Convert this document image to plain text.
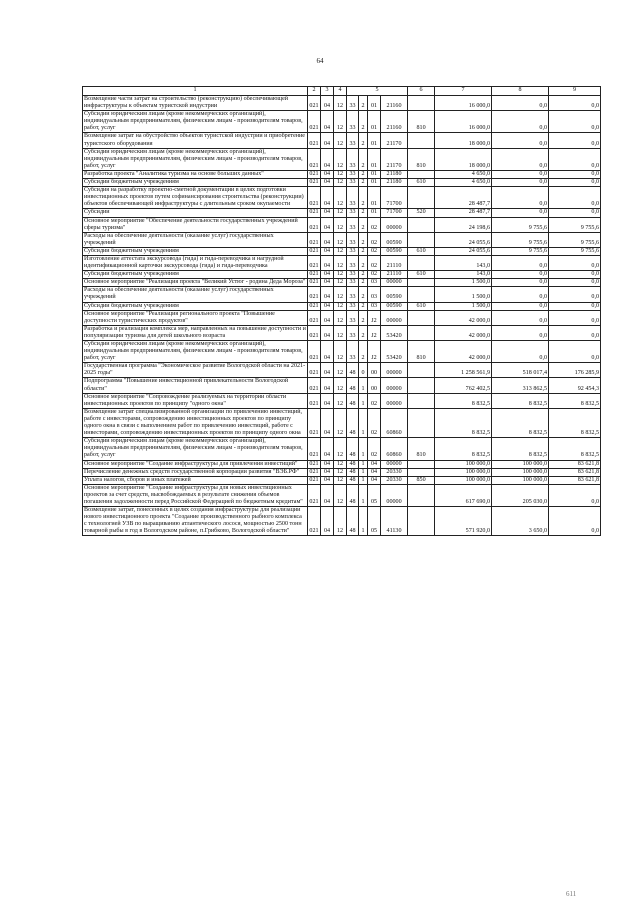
64
1	2	3	4	5				6	7	8	9
Возмещение части затрат на строительство (реконструкцию) обеспечивающей инфраструктуры к объектам туристской индустрии	021	04	12	33	2	01	21160		16 000,0	0,0	0,0
Субсидии юридическим лицам (кроме некоммерческих организаций), индивидуальным предпринимателям, физическим лицам - производителям товаров, работ, услуг	021	04	12	33	2	01	21160	810	16 000,0	0,0	0,0
Возмещение затрат на обустройство объектов туристской индустрии и приобретение туристского оборудования	021	04	12	33	2	01	21170		18 000,0	0,0	0,0
Субсидии юридическим лицам (кроме некоммерческих организаций), индивидуальным предпринимателям, физическим лицам - производителям товаров, работ, услуг	021	04	12	33	2	01	21170	810	18 000,0	0,0	0,0
Разработка проекта "Аналитика туризма на основе больших данных"	021	04	12	33	2	01	21180		4 650,0	0,0	0,0
Субсидии бюджетным учреждениям	021	04	12	33	2	01	21180	610	4 650,0	0,0	0,0
Субсидия на разработку проектно-сметной документации в целях подготовки инвестиционных проектов путем софинансирования строительства (реконструкции) объектов обеспечивающей инфраструктуры с длительным сроком окупаемости	021	04	12	33	2	01	71700		28 487,7	0,0	0,0
Субсидии	021	04	12	33	2	01	71700	520	28 487,7	0,0	0,0
Основное мероприятие "Обеспечение деятельности государственных учреждений сферы туризма"	021	04	12	33	2	02	00000		24 198,6	9 755,6	9 755,6
Расходы на обеспечение деятельности (оказание услуг) государственных учреждений	021	04	12	33	2	02	00590		24 055,6	9 755,6	9 755,6
Субсидии бюджетным учреждениям	021	04	12	33	2	02	00590	610	24 055,6	9 755,6	9 755,6
Изготовление аттестата экскурсовода (гида) и гида-переводчика и нагрудной идентификационной карточки экскурсовода (гида) и гида-переводчика	021	04	12	33	2	02	21110		143,0	0,0	0,0
Субсидии бюджетным учреждениям	021	04	12	33	2	02	21110	610	143,0	0,0	0,0
Основное мероприятие "Реализация проекта "Великий Устюг - родина Деда Мороза"	021	04	12	33	2	03	00000		1 500,0	0,0	0,0
Расходы на обеспечение деятельности (оказание услуг) государственных учреждений	021	04	12	33	2	03	00590		1 500,0	0,0	0,0
Субсидии бюджетным учреждениям	021	04	12	33	2	03	00590	610	1 500,0	0,0	0,0
Основное мероприятие "Реализация регионального проекта "Повышение доступности туристических продуктов"	021	04	12	33	2	J2	00000		42 000,0	0,0	0,0
Разработка и реализация комплекса мер, направленных на повышение доступности и популяризации туризма для детей школьного возраста	021	04	12	33	2	J2	53420		42 000,0	0,0	0,0
Субсидии юридическим лицам (кроме некоммерческих организаций), индивидуальным предпринимателям, физическим лицам - производителям товаров, работ, услуг	021	04	12	33	2	J2	53420	810	42 000,0	0,0	0,0
Государственная программа "Экономическое развитие Вологодской области на 2021-2025 годы"	021	04	12	48	0	00	00000		1 258 561,9	518 017,4	176 285,9
Подпрограмма "Повышение инвестиционной привлекательности Вологодской области"	021	04	12	48	1	00	00000		762 402,5	313 862,5	92 454,3
Основное мероприятие "Сопровождение реализуемых на территории области инвестиционных проектов по принципу "одного окна"	021	04	12	48	1	02	00000		8 832,5	8 832,5	8 832,5
Возмещение затрат специализированной организации по привлечению инвестиций, работе с инвесторами, сопровождению инвестиционных проектов по принципу одного окна в связи с выполнением работ по привлечению инвестиций, работе с инвесторами, сопровождению инвестиционных проектов по принципу одного окна	021	04	12	48	1	02	60860		8 832,5	8 832,5	8 832,5
Субсидии юридическим лицам (кроме некоммерческих организаций), индивидуальным предпринимателям, физическим лицам - производителям товаров, работ, услуг	021	04	12	48	1	02	60860	810	8 832,5	8 832,5	8 832,5
Основное мероприятие "Создание инфраструктуры для привлечения инвестиций"	021	04	12	48	1	04	00000		100 000,0	100 000,0	83 621,8
Перечисление денежных средств государственной корпорации развития "ВЭБ.РФ"	021	04	12	48	1	04	20330		100 000,0	100 000,0	83 621,8
Уплата налогов, сборов и иных платежей	021	04	12	48	1	04	20330	850	100 000,0	100 000,0	83 621,8
Основное мероприятие "Создание инфраструктуры для новых инвестиционных проектов за счет средств, высвобождаемых в результате снижения объемов погашения задолженности перед Российской Федерацией по бюджетным кредитам"	021	04	12	48	1	05	00000		617 690,0	205 030,0	0,0
Возмещение затрат, понесенных в целях создания инфраструктуры для реализации нового инвестиционного проекта "Создание производственного рыбного комплекса с технологией УЗВ по выращиванию атлантического лосося, мощностью 2500 тонн товарной рыбы в год в Вологодском районе, п.Грибково, Вологодской области"	021	04	12	48	1	05	41130		571 920,0	3 650,0	0,0
611
